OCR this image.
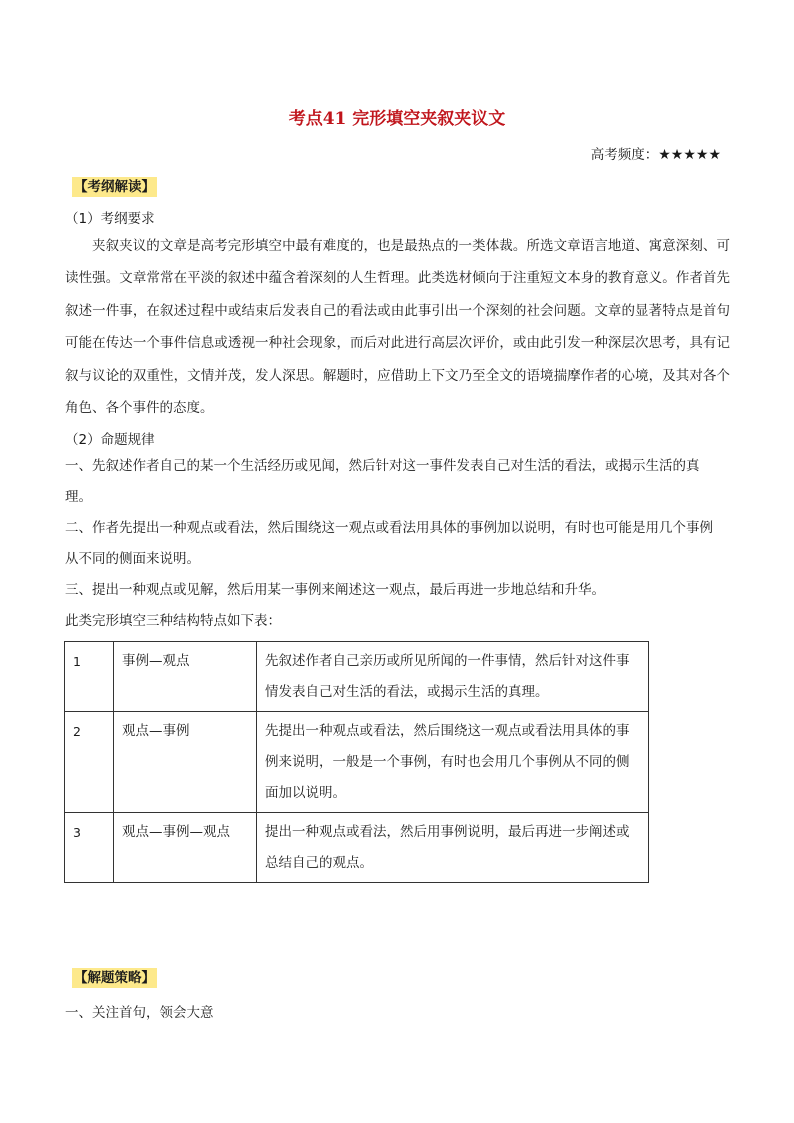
考点41 完形填空夹叙夹议文
高考频度：★★★★★
【考纲解读】
（1）考纲要求
夹叙夹议的文章是高考完形填空中最有难度的，也是最热点的一类体裁。所选文章语言地道、寓意深刻、可读性强。文章常常在平淡的叙述中蕴含着深刻的人生哲理。此类选材倾向于注重短文本身的教育意义。作者首先叙述一件事，在叙述过程中或结束后发表自己的看法或由此事引出一个深刻的社会问题。文章的显著特点是首句可能在传达一个事件信息或透视一种社会现象，而后对此进行高层次评价，或由此引发一种深层次思考，具有记叙与议论的双重性，文情并茂，发人深思。解题时，应借助上下文乃至全文的语境揣摩作者的心境，及其对各个角色、各个事件的态度。
（2）命题规律
一、先叙述作者自己的某一个生活经历或见闻，然后针对这一事件发表自己对生活的看法，或揭示生活的真理。
二、作者先提出一种观点或看法，然后围绕这一观点或看法用具体的事例加以说明，有时也可能是用几个事例从不同的侧面来说明。
三、提出一种观点或见解，然后用某一事例来阐述这一观点，最后再进一步地总结和升华。
此类完形填空三种结构特点如下表：
1	事例—观点	先叙述作者自己亲历或所见所闻的一件事情，然后针对这件事情发表自己对生活的看法，或揭示生活的真理。
2	观点—事例	先提出一种观点或看法，然后围绕这一观点或看法用具体的事例来说明，一般是一个事例，有时也会用几个事例从不同的侧面加以说明。
3	观点—事例—观点	提出一种观点或看法，然后用事例说明，最后再进一步阐述或总结自己的观点。
【解题策略】
一、关注首句，领会大意
